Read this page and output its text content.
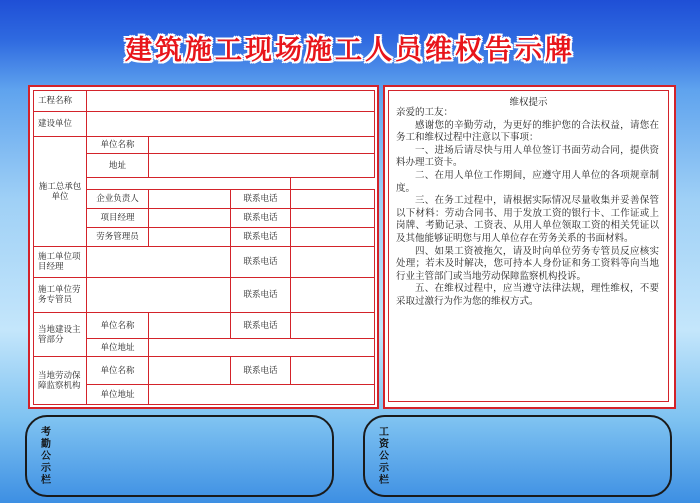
建筑施工现场施工人员维权告示牌
工程名称				
建设单位				
施工总承包单位	单位名称			
	地址			

	企业负责人		联系电话	
	项目经理		联系电话	
	劳务管理员		联系电话	
施工单位项目经理			联系电话	
施工单位劳务专管员			联系电话	
当地建设主管部分	单位名称		联系电话	
	单位地址			
当地劳动保障监察机构	单位名称		联系电话	
	单位地址			
维权提示

亲爱的工友：

感谢您的辛勤劳动，为更好的维护您的合法权益，请您在务工和维权过程中注意以下事项：

一、进场后请尽快与用人单位签订书面劳动合同，提供资料办理工资卡。

二、在用人单位工作期间，应遵守用人单位的各项规章制度。

三、在务工过程中，请根据实际情况尽量收集并妥善保管以下材料：劳动合同书、用于发放工资的银行卡、工作证或上岗牌、考勤记录、工资表、从用人单位领取工资的相关凭证以及其他能够证明您与用人单位存在劳务关系的书面材料。

四、如果工资被拖欠，请及时向单位劳务专管员反应核实处理；若未及时解决，您可持本人身份证和务工资料等向当地行业主管部门或当地劳动保障监察机构投诉。

五、在维权过程中，应当遵守法律法规，理性维权，不要采取过激行为作为您的维权方式。

考勤公示栏
工资公示栏
